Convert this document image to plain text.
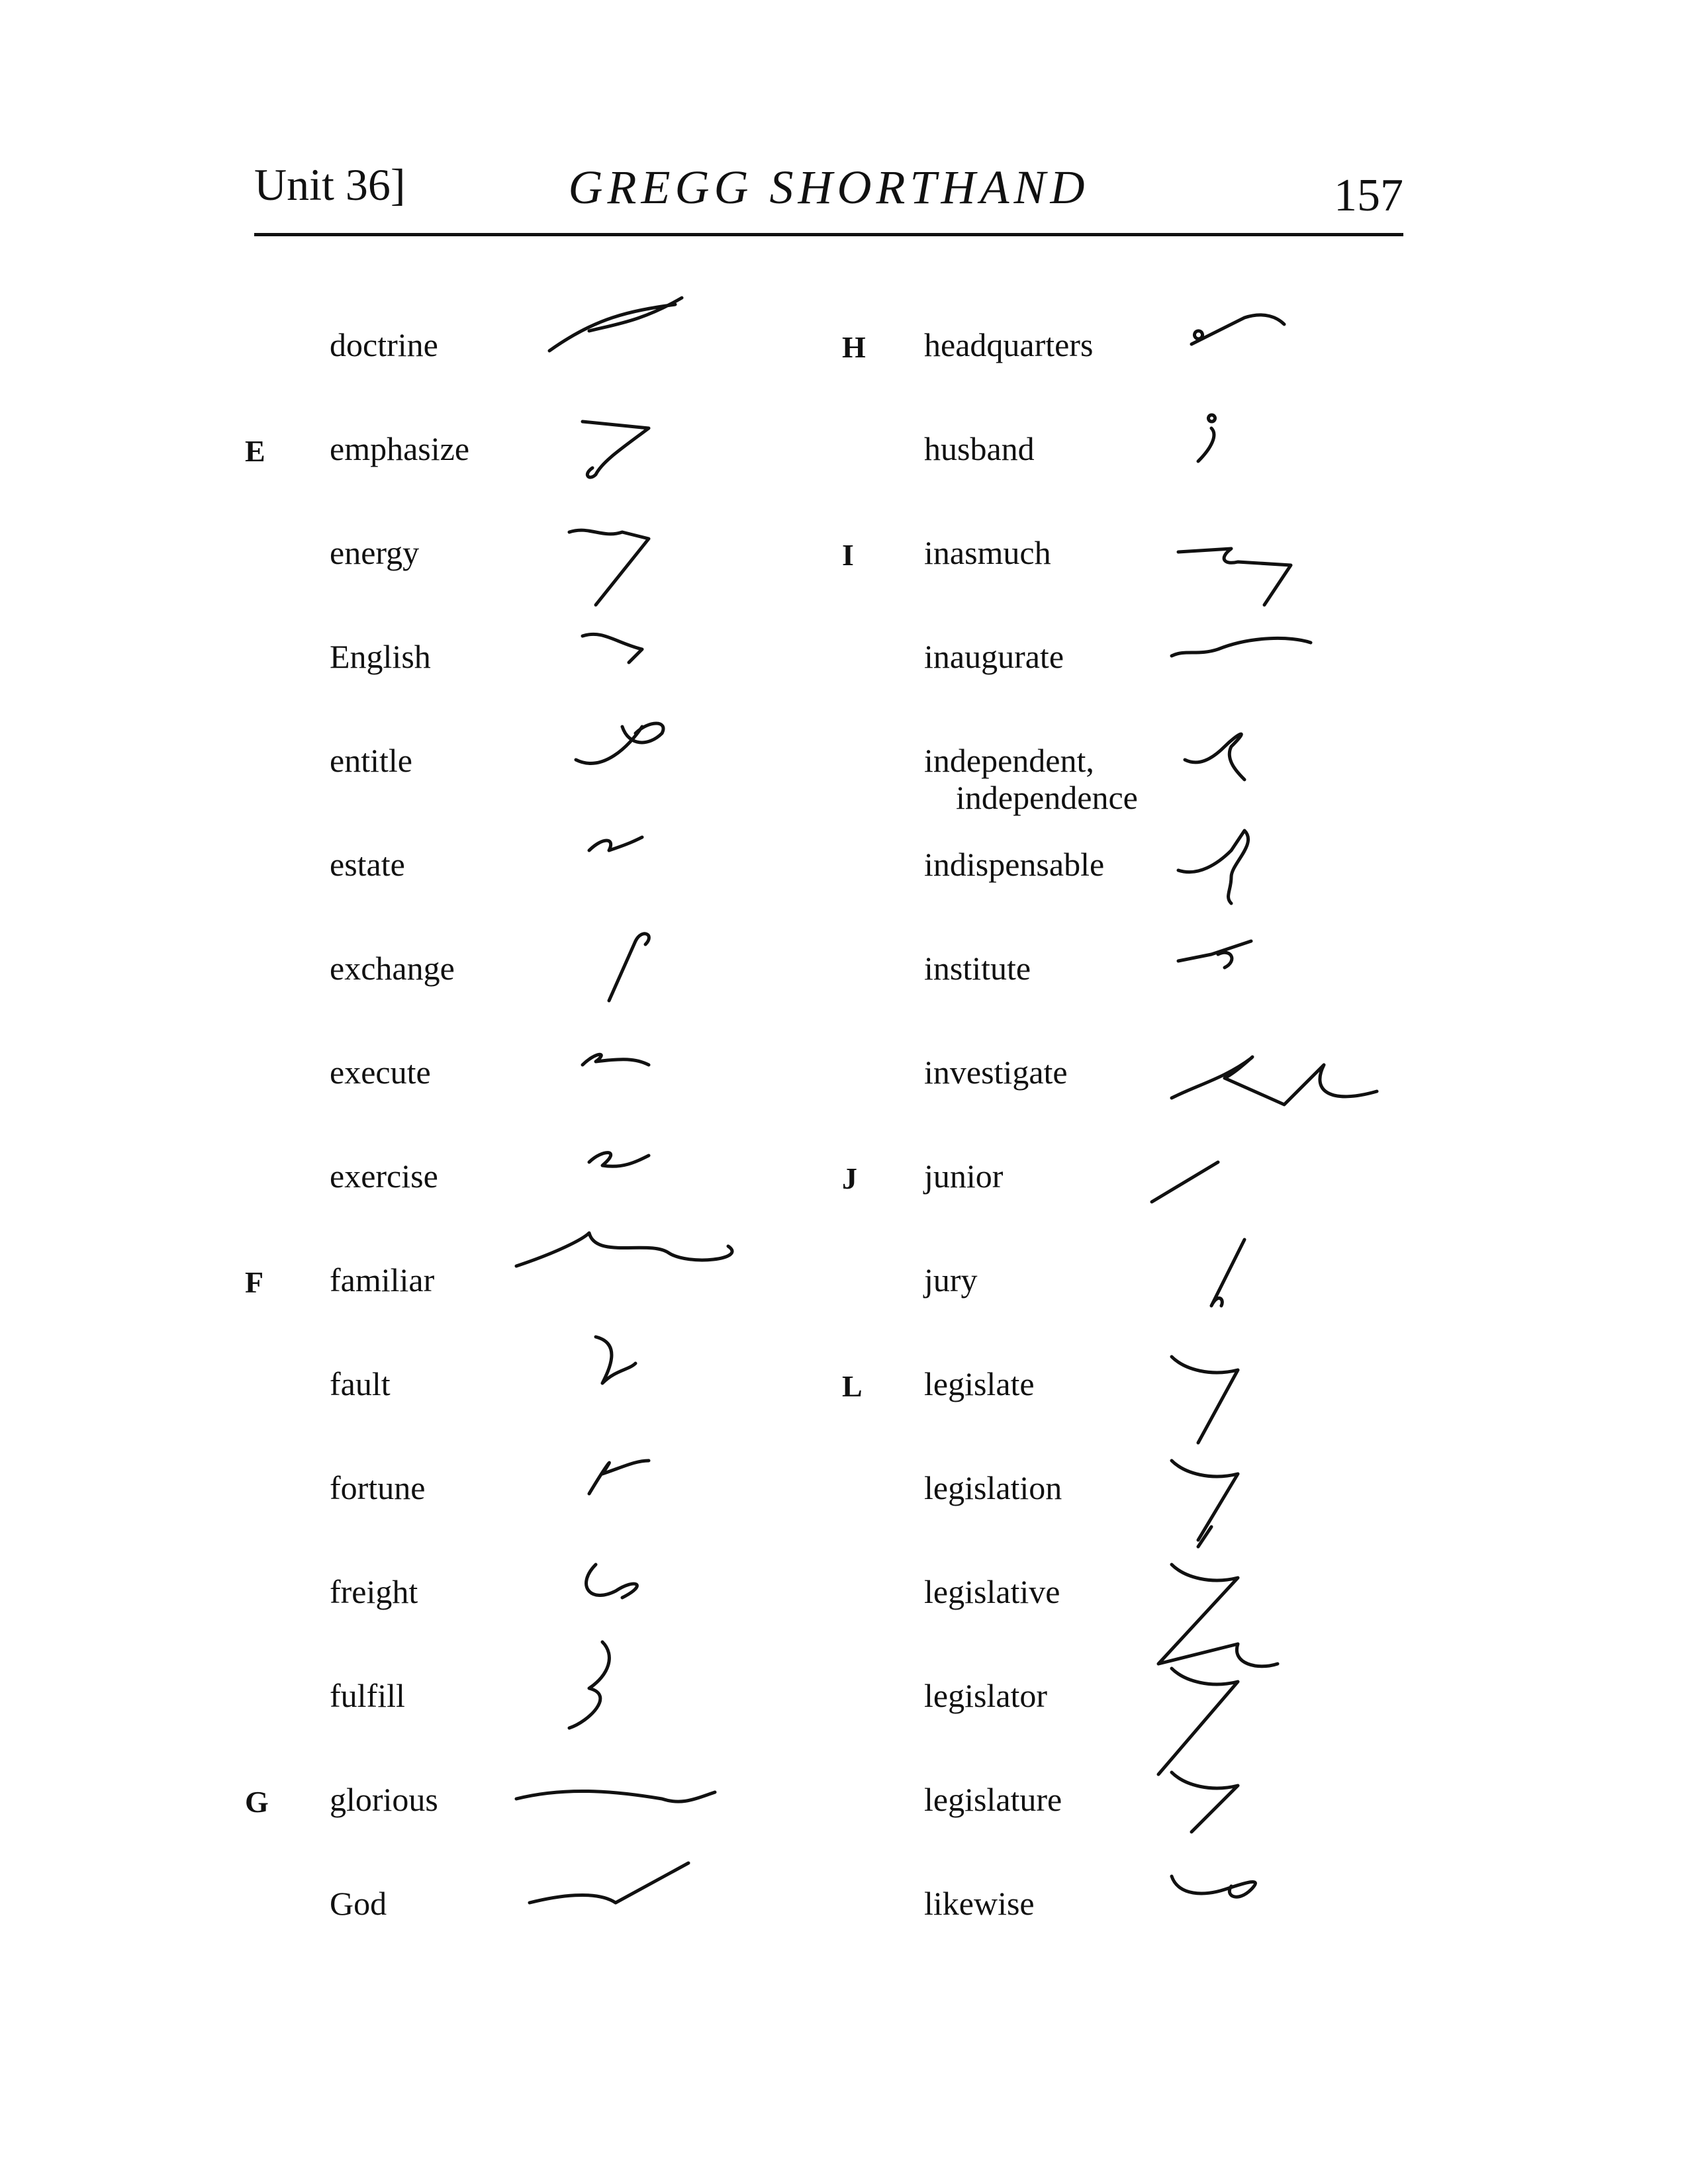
Unit 36]	GREGG SHORTHAND	157
doctrine
E emphasize
energy
English
entitle
estate
exchange
execute
exercise
F familiar
fault
fortune
freight
fulfill
G glorious
God
H headquarters
husband
I inasmuch
inaugurate
independent,
independence
indispensable
institute
investigate
J junior
jury
L legislate
legislation
legislative
legislator
legislature
likewise
